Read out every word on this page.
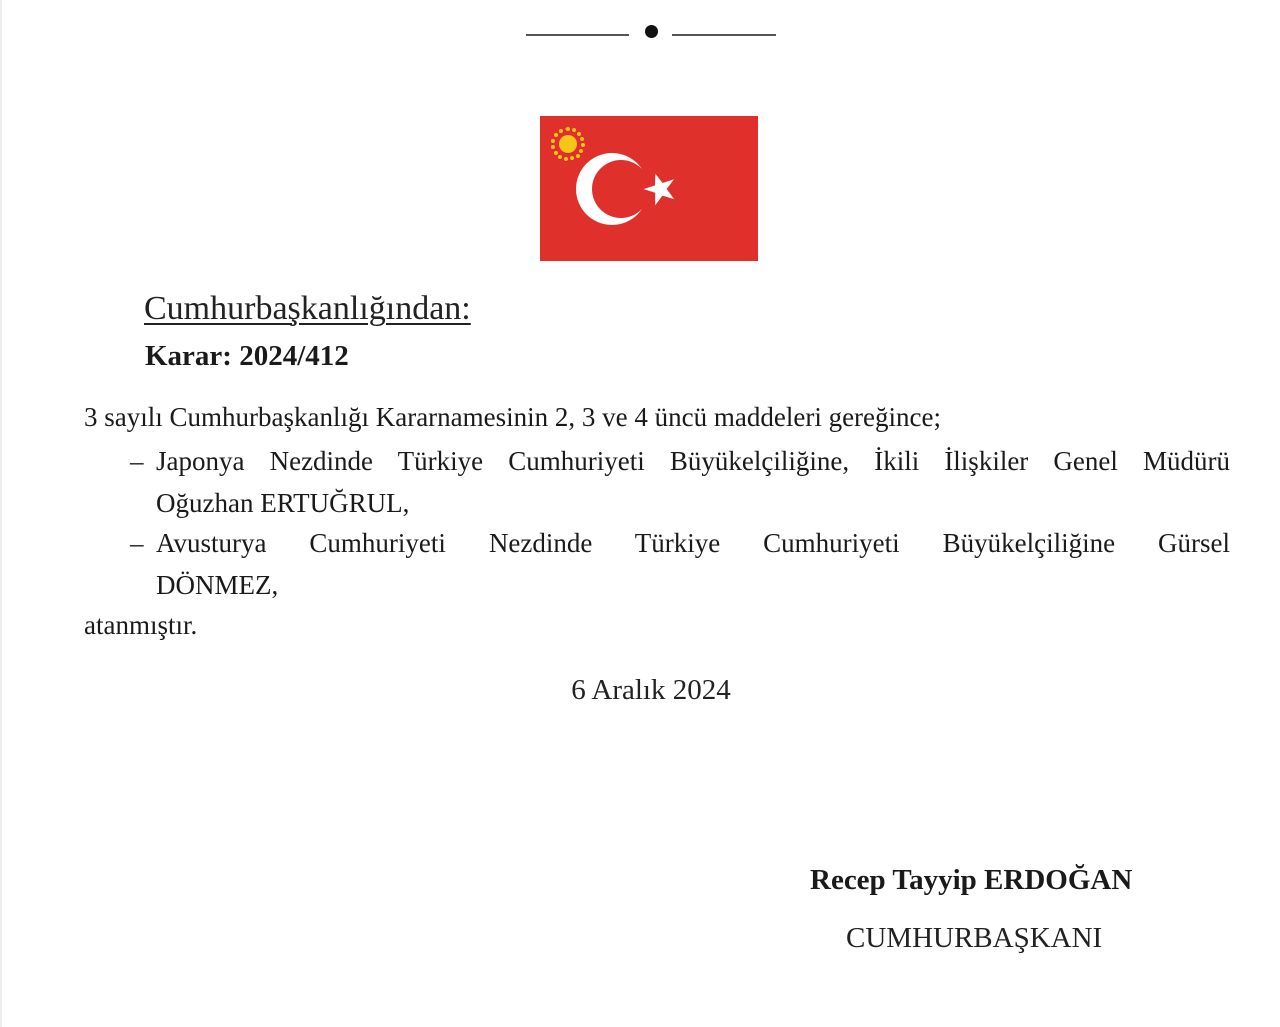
Cumhurbaşkanlığından:
Karar: 2024/412
3 sayılı Cumhurbaşkanlığı Kararnamesinin 2, 3 ve 4 üncü maddeleri gereğince;
– Japonya Nezdinde Türkiye Cumhuriyeti Büyükelçiliğine, İkili İlişkiler Genel Müdürü
Oğuzhan ERTUĞRUL,
– Avusturya Cumhuriyeti Nezdinde Türkiye Cumhuriyeti Büyükelçiliğine Gürsel
DÖNMEZ,
atanmıştır.
6 Aralık 2024
Recep Tayyip ERDOĞAN
CUMHURBAŞKANI
